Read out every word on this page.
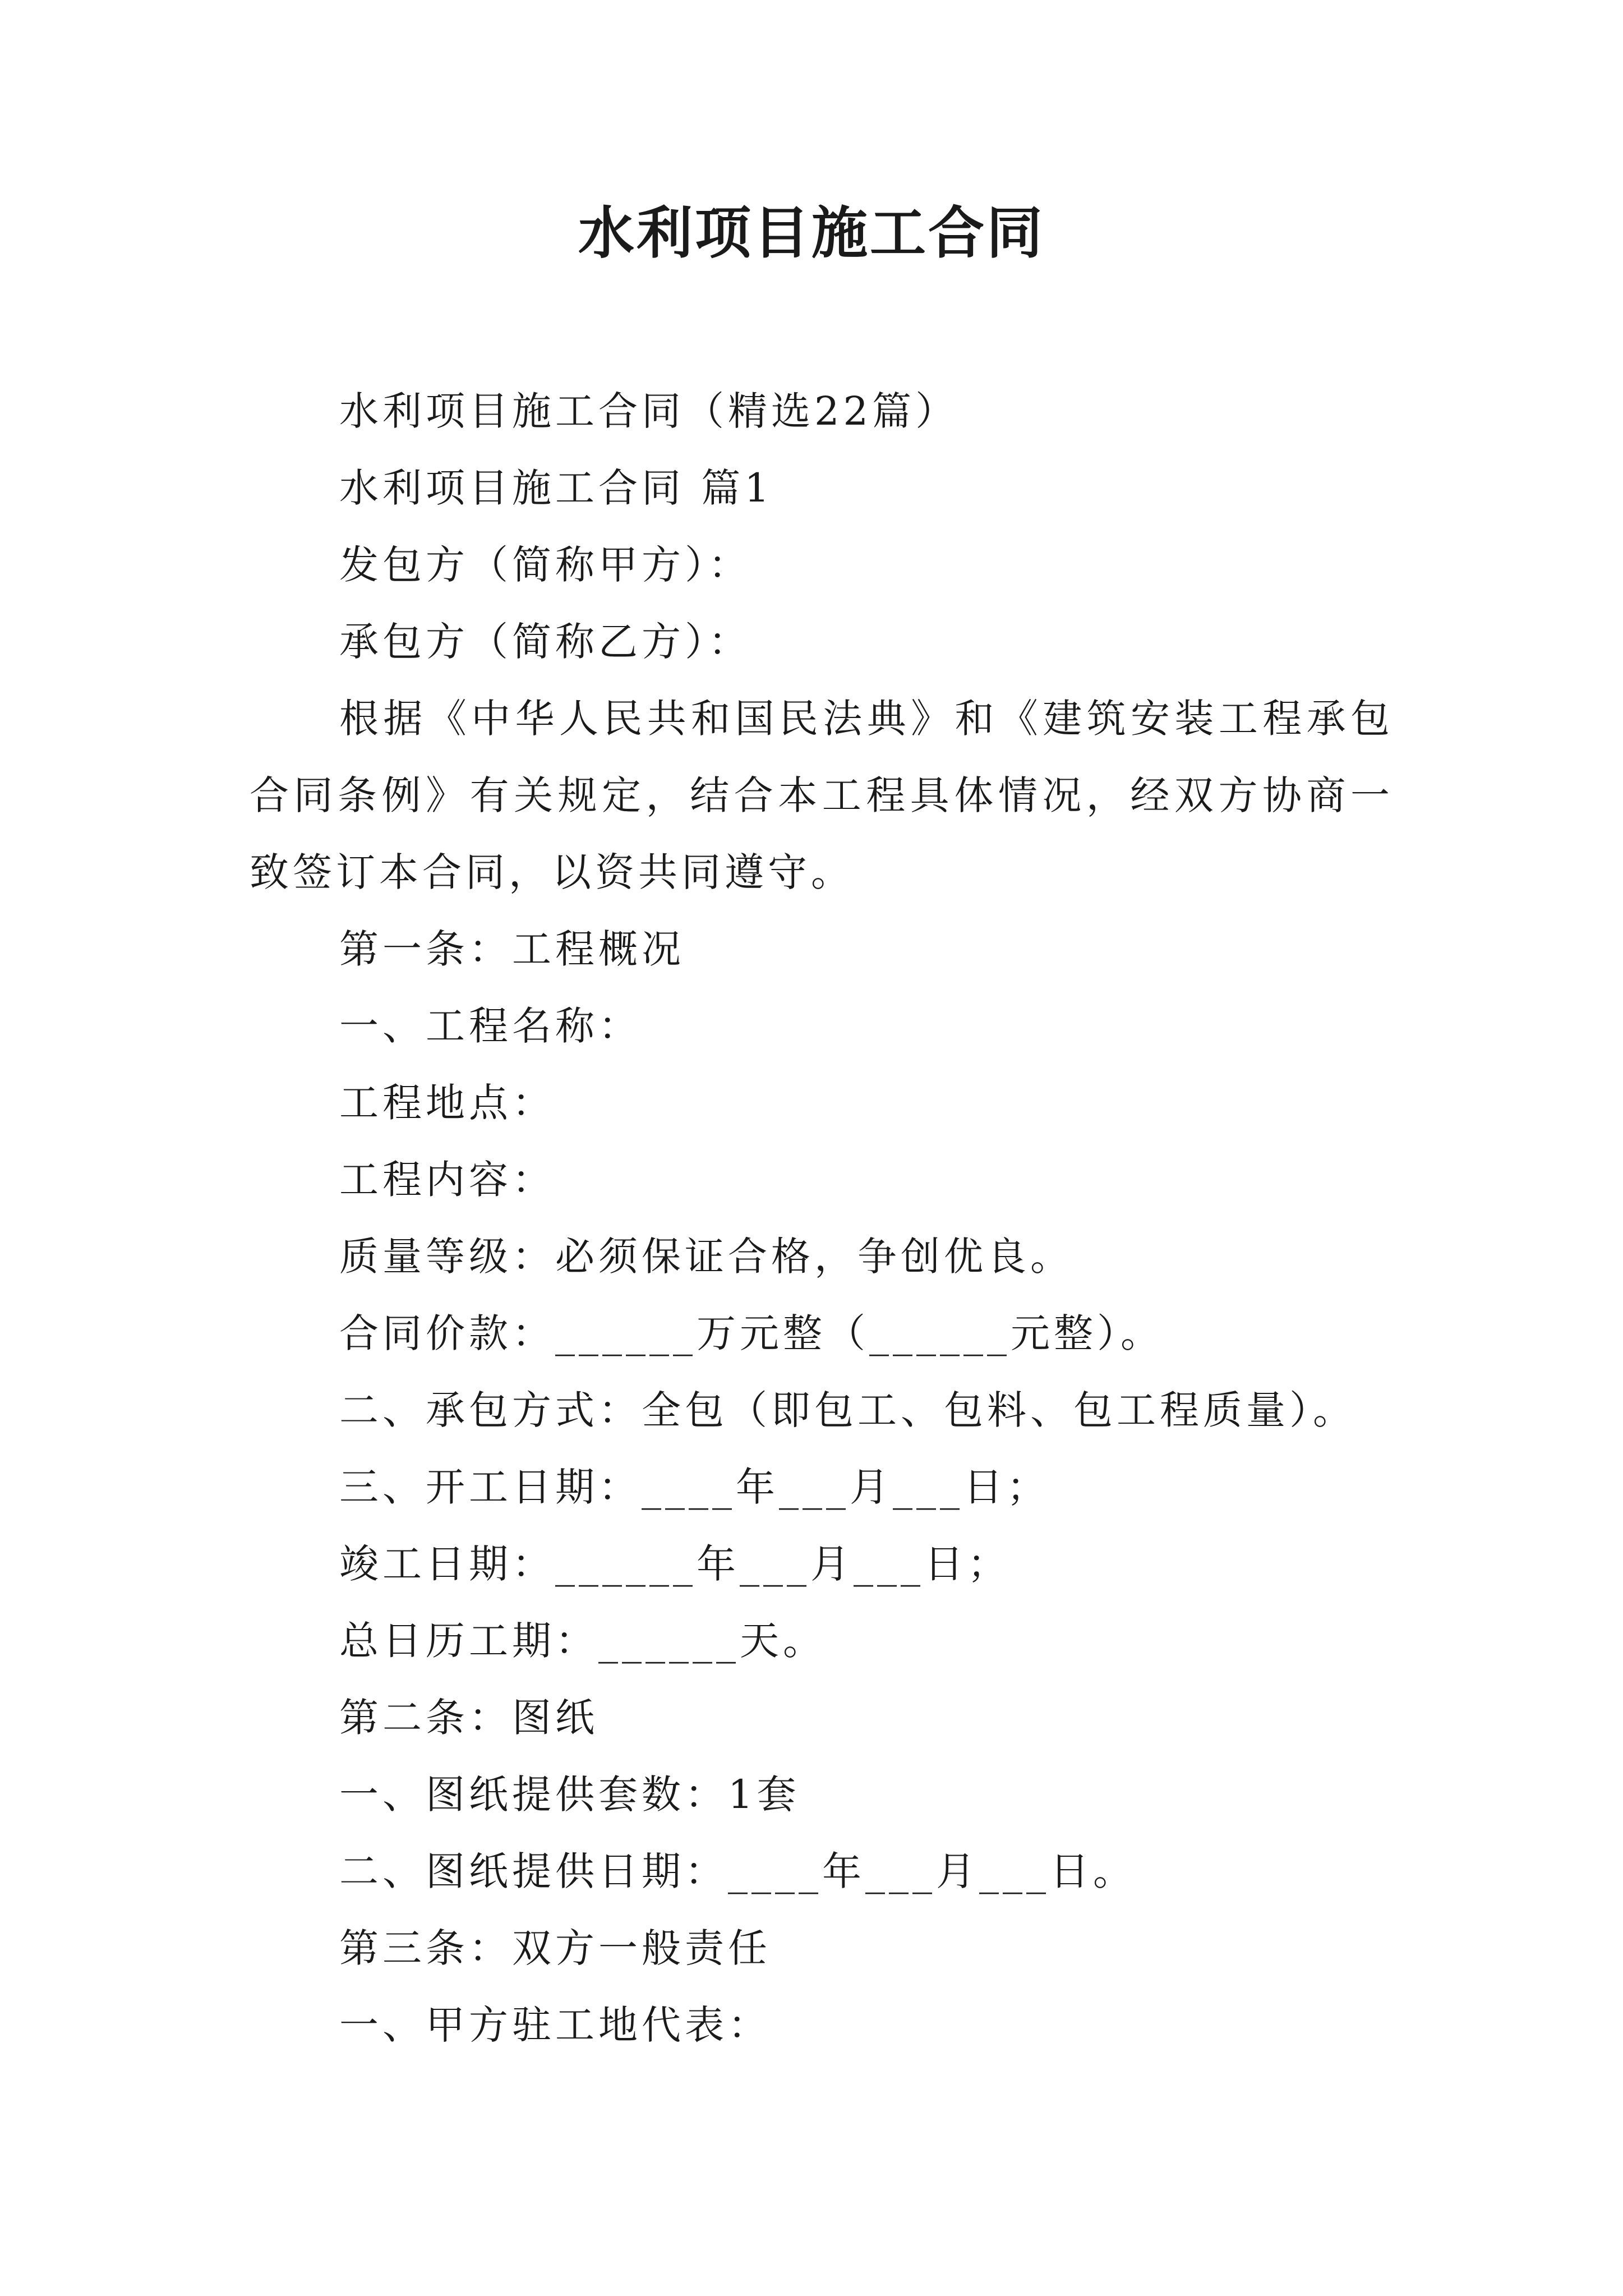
水利项目施工合同

水利项目施工合同（精选22篇）

水利项目施工合同 篇1

发包方（简称甲方）：

承包方（简称乙方）：

根据《中华人民共和国民法典》和《建筑安装工程承包合同条例》有关规定，结合本工程具体情况，经双方协商一致签订本合同，以资共同遵守。

第一条：工程概况

一、工程名称：

工程地点：

工程内容：

质量等级：必须保证合格，争创优良。

合同价款：______万元整（______元整）。

二、承包方式：全包（即包工、包料、包工程质量）。

三、开工日期：____年___月___日；

竣工日期：______年___月___日；

总日历工期：______天。

第二条：图纸

一、图纸提供套数：1套

二、图纸提供日期：____年___月___日。

第三条：双方一般责任

一、甲方驻工地代表：
